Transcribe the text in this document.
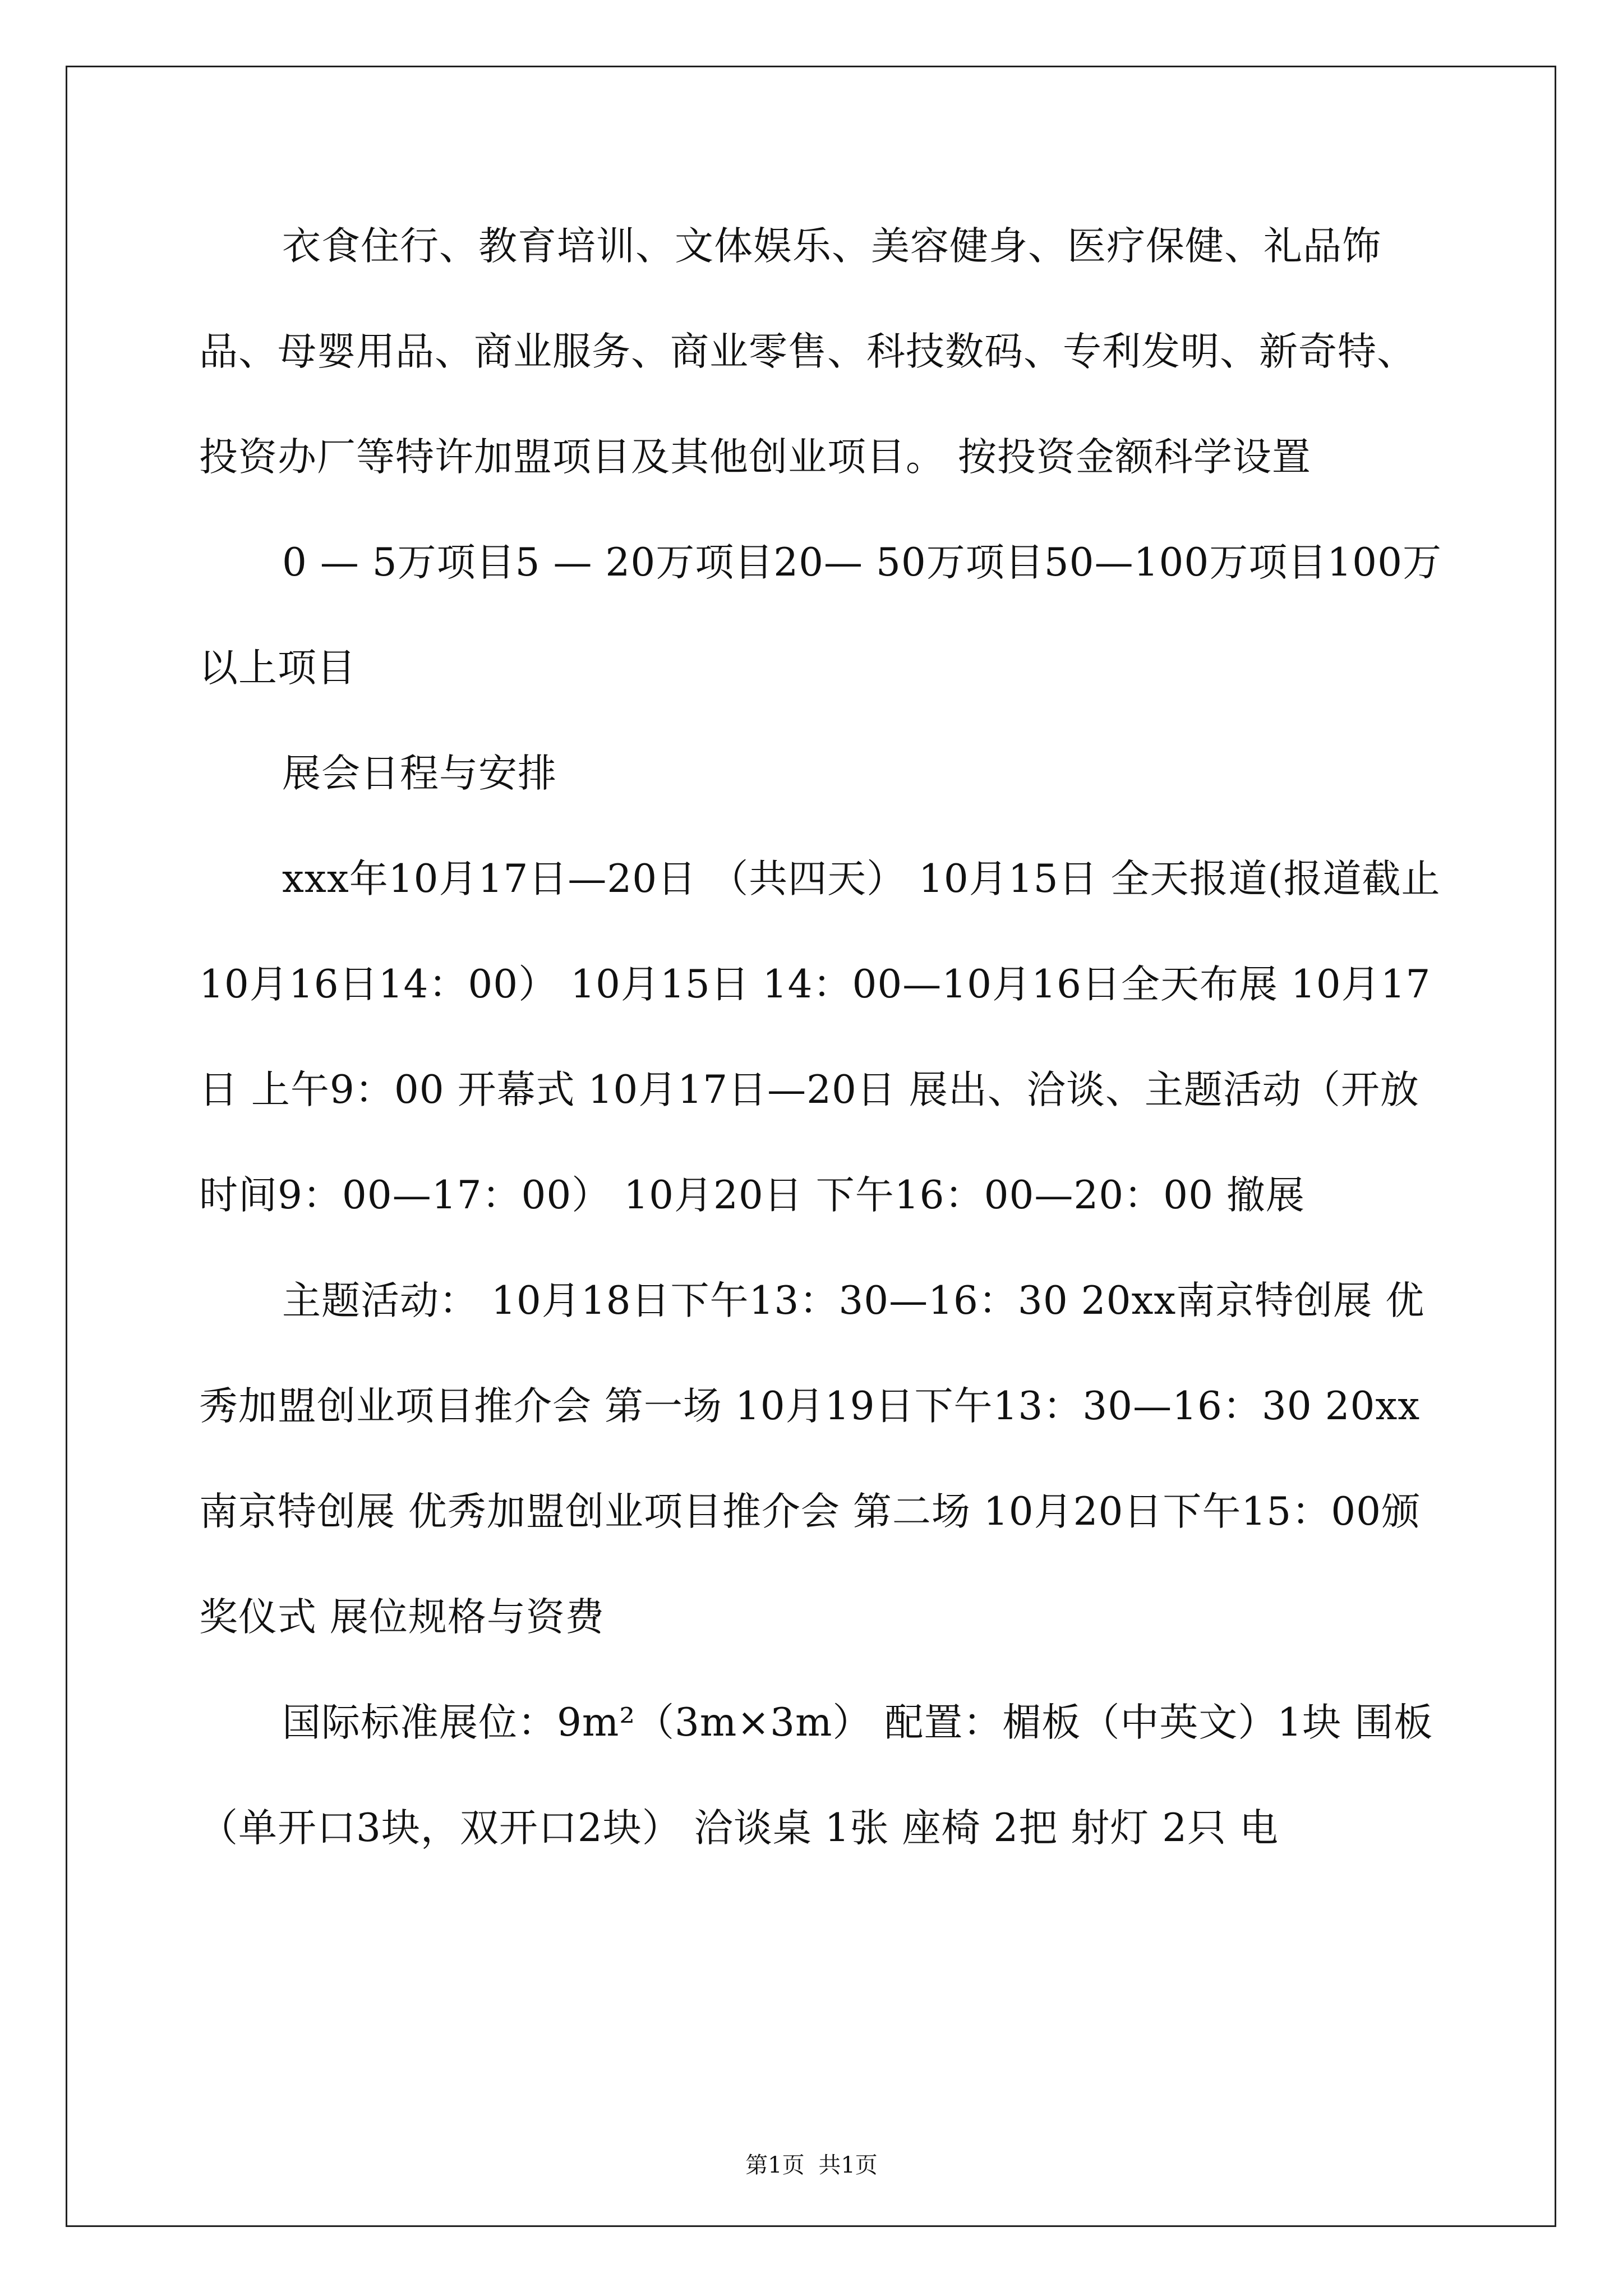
衣食住行、教育培训、文体娱乐、美容健身、医疗保健、礼品饰品、母婴用品、商业服务、商业零售、科技数码、专利发明、新奇特、投资办厂等特许加盟项目及其他创业项目。 按投资金额科学设置

0 — 5万项目5 — 20万项目20— 50万项目50—100万项目100万以上项目

展会日程与安排

xxx年10月17日—20日 （共四天） 10月15日 全天报道(报道截止10月16日14：00） 10月15日 14：00—10月16日全天布展 10月17日 上午9：00 开幕式 10月17日—20日 展出、洽谈、主题活动（开放时间9：00—17：00） 10月20日 下午16：00—20：00 撤展

主题活动： 10月18日下午13：30—16：30 20xx南京特创展 优秀加盟创业项目推介会 第一场 10月19日下午13：30—16：30 20xx南京特创展 优秀加盟创业项目推介会 第二场 10月20日下午15：00颁奖仪式 展位规格与资费

国际标准展位：9m²（3m×3m） 配置：楣板（中英文）1块 围板（单开口3块，双开口2块） 洽谈桌 1张 座椅 2把 射灯 2只 电

第1页 共1页
